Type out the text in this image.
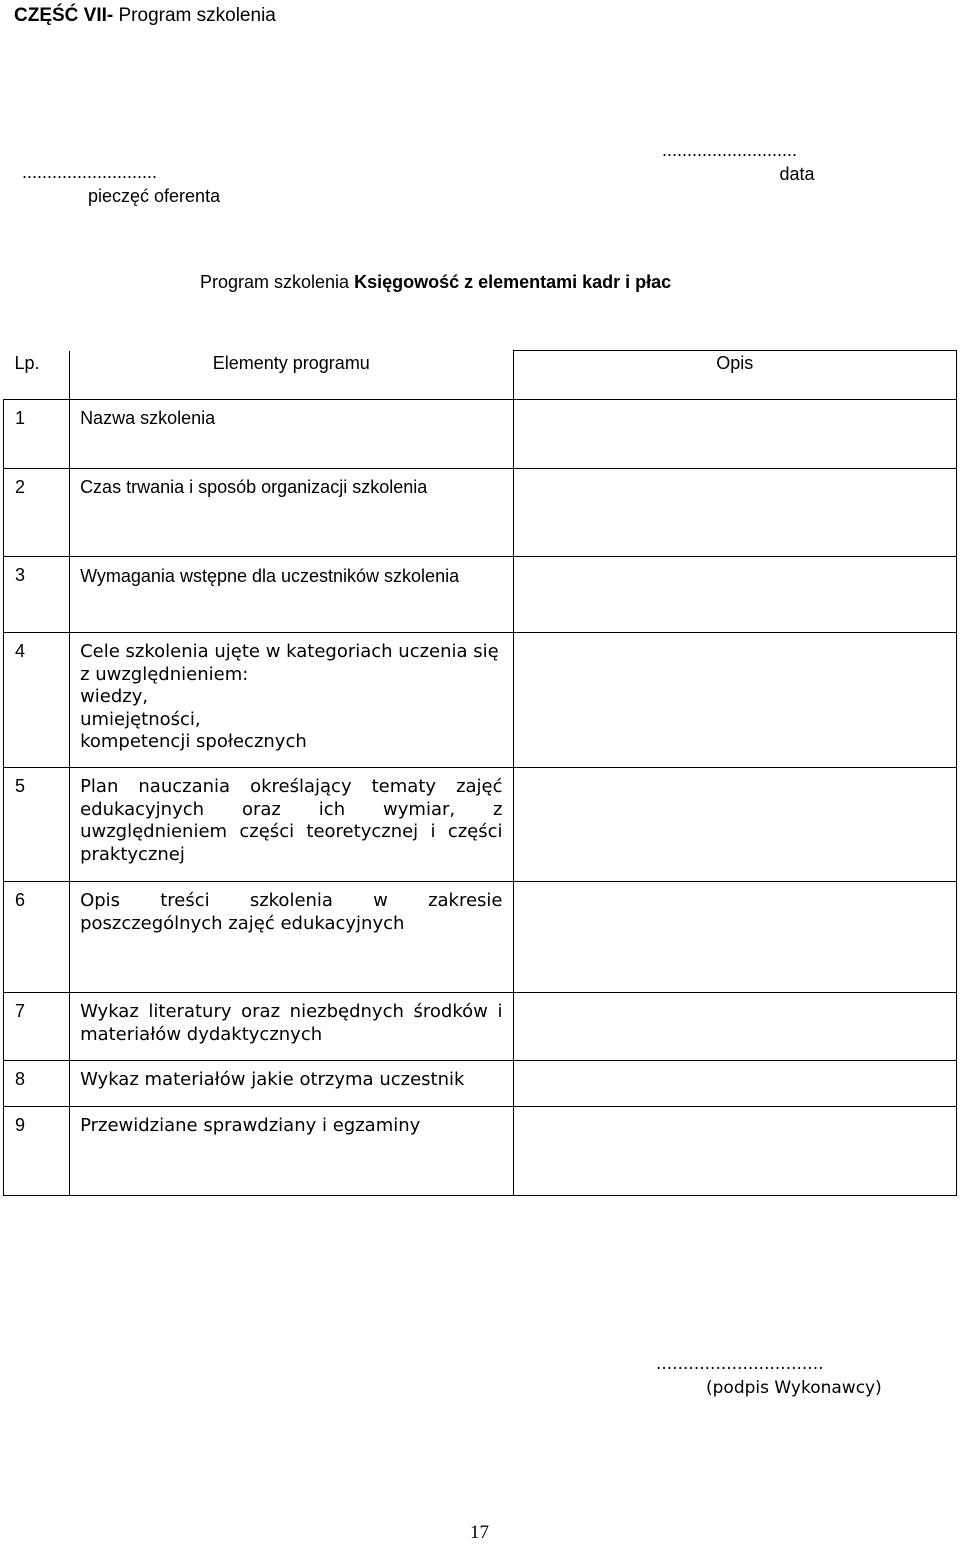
CZĘŚĆ VII- Program szkolenia
...........................
pieczęć oferenta
...........................
data
Program szkolenia Księgowość z elementami kadr i płac
Lp.	Elementy programu	Opis
1	Nazwa szkolenia	
2	Czas trwania i sposób organizacji szkolenia	
3	Wymagania wstępne dla uczestników szkolenia	
4	Cele szkolenia ujęte w kategoriach uczenia się z uwzględnieniem:
wiedzy,
umiejętności,
kompetencji społecznych	
5	Plan nauczania określający tematy zajęć edukacyjnych oraz ich wymiar, z uwzględnieniem części teoretycznej i części praktycznej	
6	Opis treści szkolenia w zakresie poszczególnych zajęć edukacyjnych	
7	Wykaz literatury oraz niezbędnych środków i materiałów dydaktycznych	
8	Wykaz materiałów jakie otrzyma uczestnik	
9	Przewidziane sprawdziany i egzaminy	
...............................
(podpis Wykonawcy)
17
